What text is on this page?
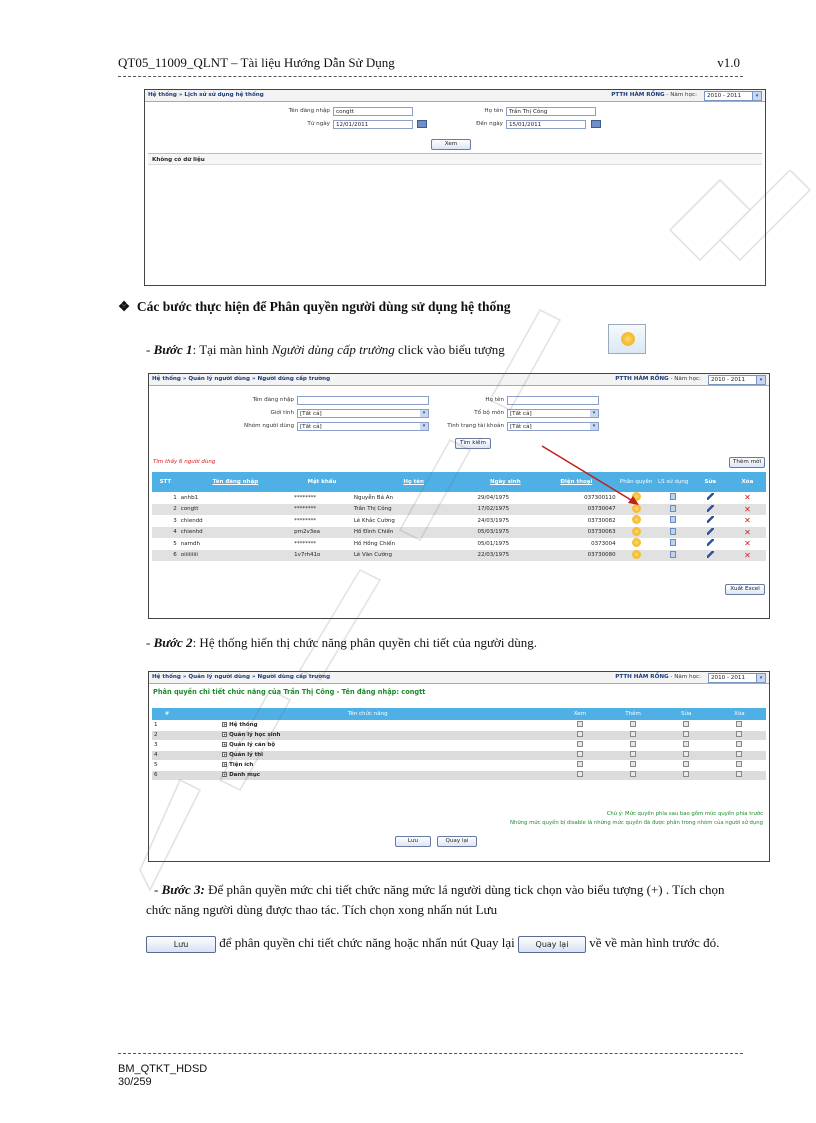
QT05_11009_QLNT – Tài liệu Hướng Dẫn Sử Dụng	v1.0
Hệ thống » Lịch sử sử dụng hệ thống	PTTH HÀM RỒNG - Năm học:	2010 - 2011	▾
Tên đăng nhập	congtt	Họ tên	Trần Thị Công
Từ ngày	12/01/2011	Đến ngày	15/01/2011
Xem
Không có dữ liệu
❖ Các bước thực hiện để Phân quyền người dùng sử dụng hệ thống
- Bước 1: Tại màn hình Người dùng cấp trường click vào biểu tượng
Hệ thống » Quản lý người dùng » Người dùng cấp trường	PTTH HÀM RỒNG - Năm học:	2010 - 2011	▾
Tên đăng nhập	Họ tên
Giới tính	[Tất cả]	▾	Tổ bộ môn	[Tất cả]	▾
Nhóm người dùng	[Tất cả]	▾	Tình trạng tài khoản	[Tất cả]	▾
Tìm kiếm
Tìm thấy 6 người dùng	Thêm mới
STT	Tên đăng nhập	Mật khẩu	Họ tên	Ngày sinh	Điện thoại	Phân quyền	LS sử dụng	Sửa	Xóa
1	anhb1	********	Nguyễn Bá An	29/04/1975	037300110				✕
2	congtt	********	Trần Thị Công	17/02/1975	03730047				✕
3	chiendd	********	Lê Khắc Cường	24/03/1975	03730082				✕
4	chienhd	pm2v3ea	Hồ Đình Chiến	05/03/1975	03730063				✕
5	namdh	********	Hồ Hồng Chiến	05/01/1975	0373004				✕
6	oiiiiiiiii	1v7rh41o	Lê Văn Cường	22/03/1975	03730080				✕
Xuất Excel
- Bước 2: Hệ thống hiển thị chức năng phân quyền chi tiết của người dùng.
Hệ thống » Quản lý người dùng » Người dùng cấp trường	PTTH HÀM RỒNG - Năm học:	2010 - 2011	▾
Phân quyền chi tiết chức năng của Trần Thị Công - Tên đăng nhập: congtt
#	Tên chức năng	Xem	Thêm	Sửa	Xóa
1	+ Hệ thống				
2	+ Quản lý học sinh				
3	+ Quản lý cán bộ				
4	+ Quản lý thi				
5	+ Tiện ích				
6	+ Danh mục				
Chú ý: Mức quyền phía sau bao gồm mức quyền phía trước
Những mức quyền bị disable là những mức quyền đã được phân trong nhóm của người sử dụng
Lưu	Quay lại
- Bước 3: Để phân quyền mức chi tiết chức năng mức lá người dùng tick chọn vào biểu tượng (+) . Tích chọn chức năng người dùng được thao tác. Tích chọn xong nhấn nút Lưu
Lưu để phân quyền chi tiết chức năng hoặc nhấn nút Quay lại Quay lại về về màn hình trước đó.
BM_QTKT_HDSD
30/259
